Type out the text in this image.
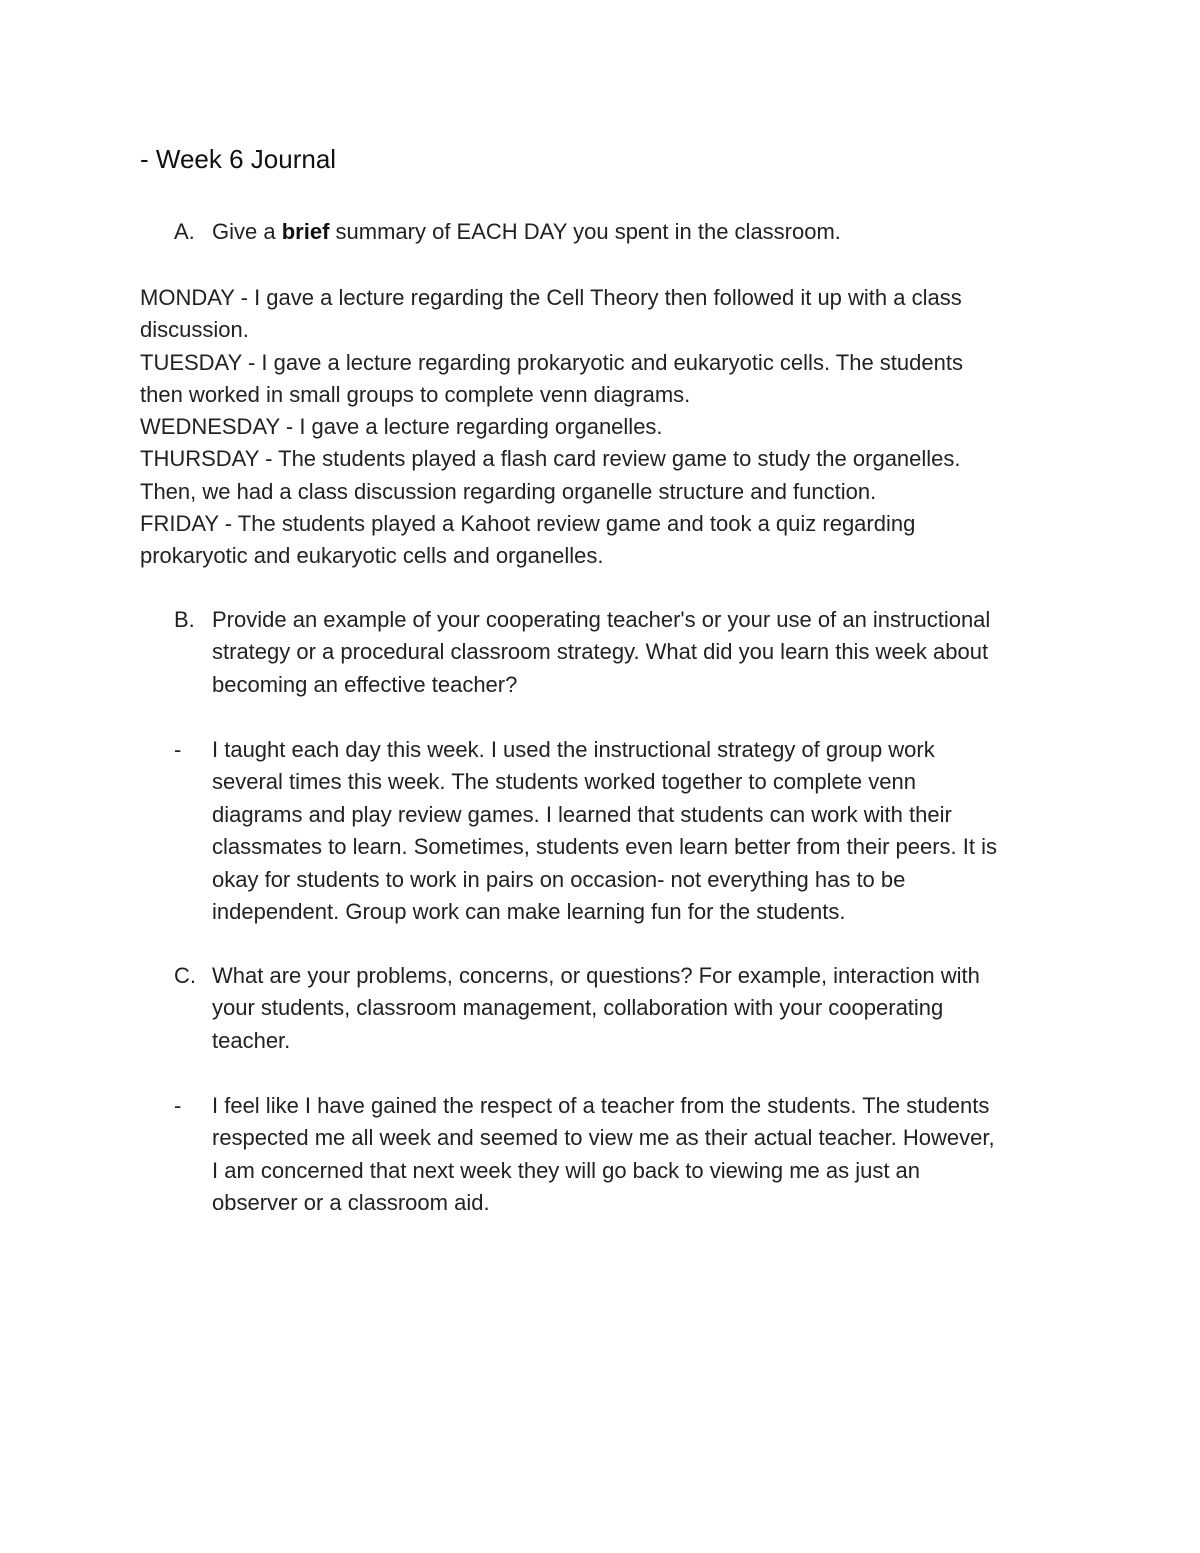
- Week 6 Journal
A. Give a brief summary of EACH DAY you spent in the classroom.
MONDAY - I gave a lecture regarding the Cell Theory then followed it up with a class
discussion.
TUESDAY - I gave a lecture regarding prokaryotic and eukaryotic cells. The students
then worked in small groups to complete venn diagrams.
WEDNESDAY - I gave a lecture regarding organelles.
THURSDAY - The students played a flash card review game to study the organelles.
Then, we had a class discussion regarding organelle structure and function.
FRIDAY - The students played a Kahoot review game and took a quiz regarding
prokaryotic and eukaryotic cells and organelles.
B. Provide an example of your cooperating teacher's or your use of an instructional
strategy or a procedural classroom strategy. What did you learn this week about
becoming an effective teacher?
-	I taught each day this week. I used the instructional strategy of group work
several times this week. The students worked together to complete venn
diagrams and play review games. I learned that students can work with their
classmates to learn. Sometimes, students even learn better from their peers. It is
okay for students to work in pairs on occasion- not everything has to be
independent. Group work can make learning fun for the students.
C. What are your problems, concerns, or questions? For example, interaction with
your students, classroom management, collaboration with your cooperating
teacher.
-	I feel like I have gained the respect of a teacher from the students. The students
respected me all week and seemed to view me as their actual teacher. However,
I am concerned that next week they will go back to viewing me as just an
observer or a classroom aid.
